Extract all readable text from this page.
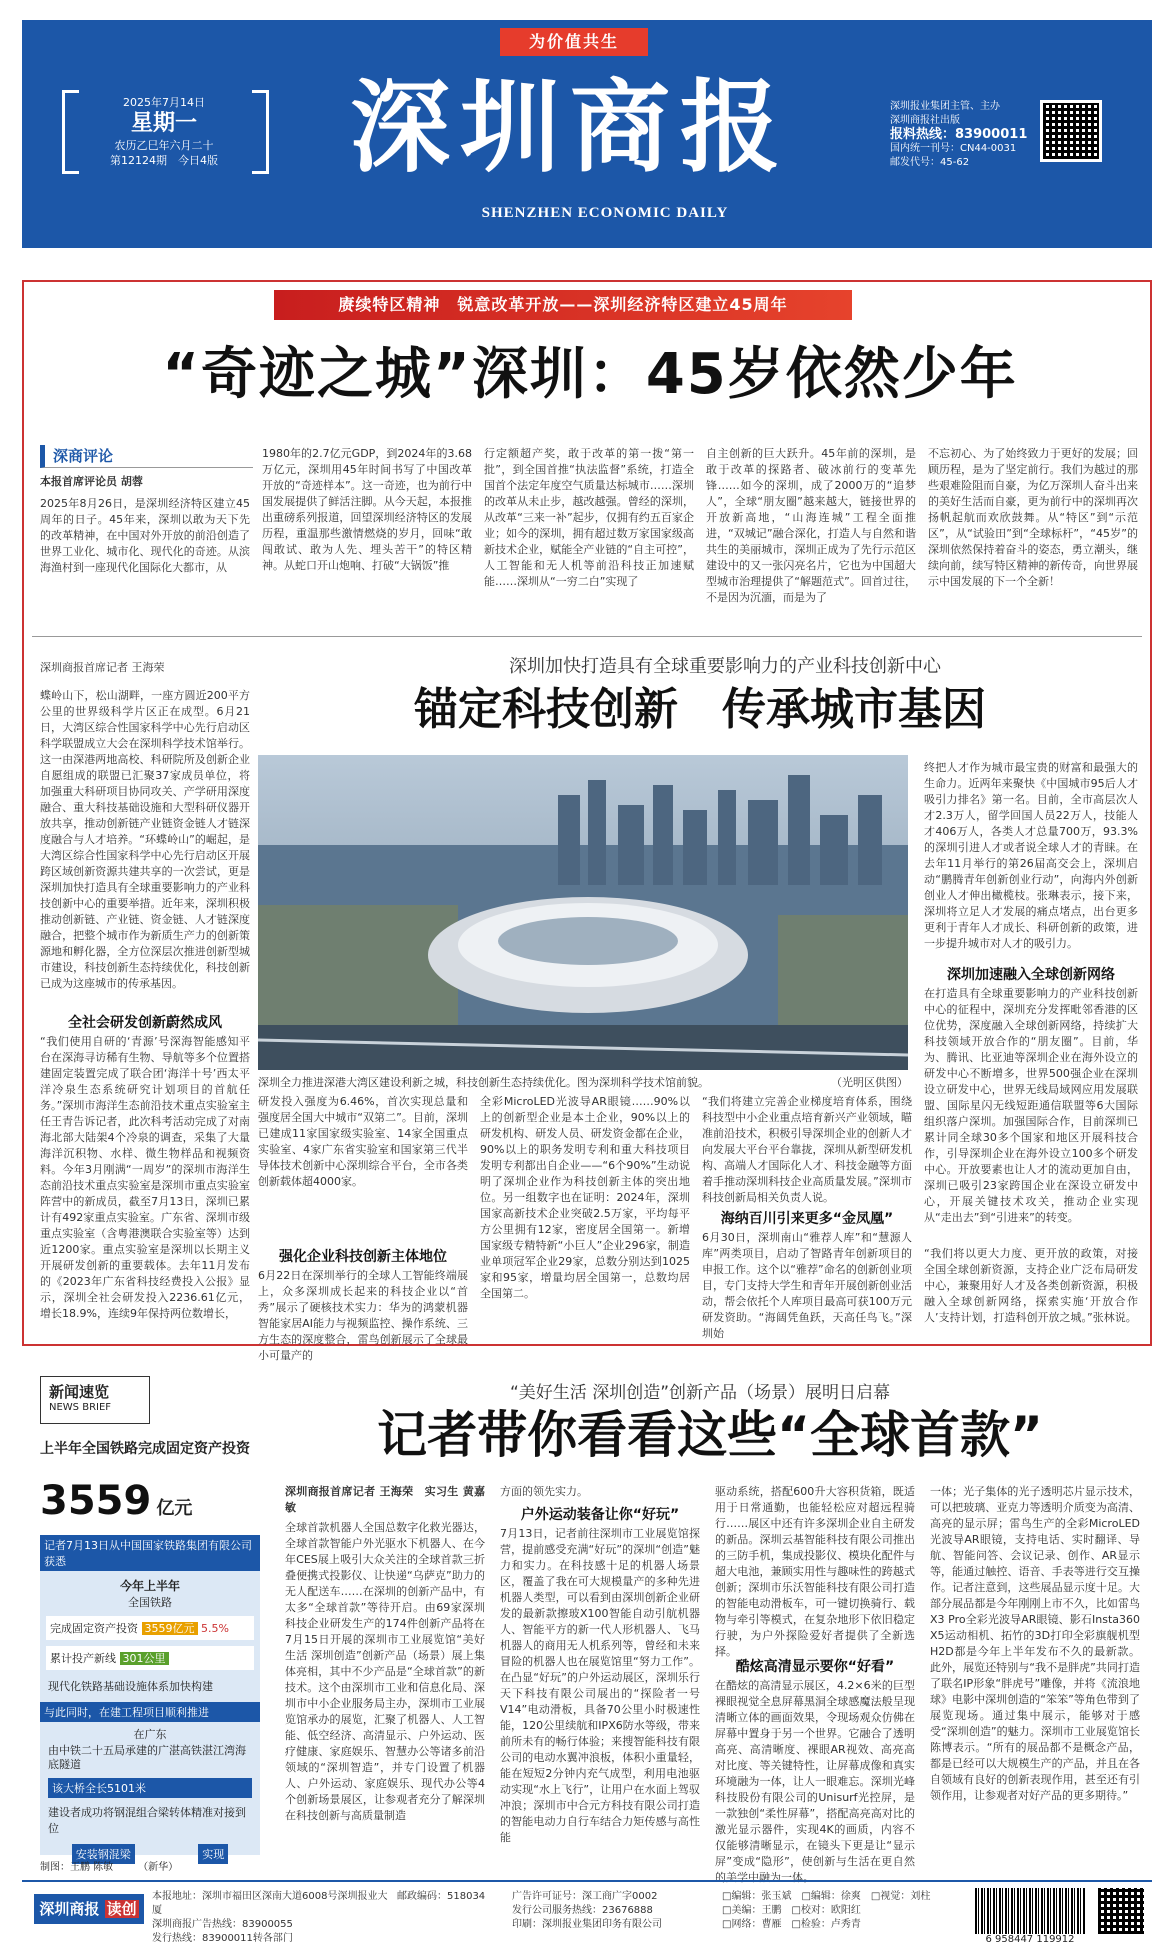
为价值共生
2025年7月14日
星期一
农历乙巳年六月二十
第12124期　今日4版	深圳商报
SHENZHEN ECONOMIC DAILY
深圳报业集团主管、主办
深圳商报社出版
报料热线：83900011
国内统一刊号：CN44-0031
邮发代号：45-62
赓续特区精神　锐意改革开放——深圳经济特区建立45周年
“奇迹之城”深圳：45岁依然少年
深商评论
本报首席评论员 胡蓉
2025年8月26日，是深圳经济特区建立45周年的日子。45年来，深圳以敢为天下先的改革精神，在中国对外开放的前沿创造了世界工业化、城市化、现代化的奇迹。从滨海渔村到一座现代化国际化大都市，从
1980年的2.7亿元GDP，到2024年的3.68万亿元，深圳用45年时间书写了中国改革开放的“奇迹样本”。这一奇迹，也为前行中国发展提供了鲜活注脚。从今天起，本报推出重磅系列报道，回望深圳经济特区的发展历程，重温那些激情燃烧的岁月，回味“敢闯敢试、敢为人先、埋头苦干”的特区精神。从蛇口开山炮响、打破“大锅饭”推
行定额超产奖，敢于改革的第一拨“第一批”，到全国首推“执法监督”系统，打造全国首个法定年度空气质量达标城市……深圳的改革从未止步，越改越强。曾经的深圳，从改革“三来一补”起步，仅拥有约五百家企业；如今的深圳，拥有超过数万家国家级高新技术企业，赋能全产业链的“自主可控”，人工智能和无人机等前沿科技正加速赋能……深圳从“一穷二白”实现了
自主创新的巨大跃升。45年前的深圳，是敢于改革的探路者、破冰前行的变革先锋……如今的深圳，成了2000万的“追梦人”，全球“朋友圈”越来越大，链接世界的开放新高地，“山海连城”工程全面推进，“双城记”融合深化，打造人与自然和谐共生的美丽城市，深圳正成为了先行示范区建设中的又一张闪亮名片，它也为中国超大型城市治理提供了“解题范式”。回首过往，不是因为沉湎，而是为了
不忘初心、为了始终致力于更好的发展；回顾历程，是为了坚定前行。我们为越过的那些艰难险阻而自豪，为亿万深圳人奋斗出来的美好生活而自豪，更为前行中的深圳再次扬帆起航而欢欣鼓舞。从“特区”到“示范区”，从“试验田”到“全球标杆”，“45岁”的深圳依然保持着奋斗的姿态，勇立潮头，继续向前，续写特区精神的新传奇，向世界展示中国发展的下一个全新！
深圳商报首席记者 王海荣	深圳加快打造具有全球重要影响力的产业科技创新中心
锚定科技创新　传承城市基因
蝶岭山下，松山湖畔，一座方圆近200平方公里的世界级科学片区正在成型。6月21日，大湾区综合性国家科学中心先行启动区科学联盟成立大会在深圳科学技术馆举行。这一由深港两地高校、科研院所及创新企业自愿组成的联盟已汇聚37家成员单位，将加强重大科研项目协同攻关、产学研用深度融合、重大科技基础设施和大型科研仪器开放共享，推动创新链产业链资金链人才链深度融合与人才培养。“环蝶岭山”的崛起，是大湾区综合性国家科学中心先行启动区开展跨区域创新资源共建共享的一次尝试，更是深圳加快打造具有全球重要影响力的产业科技创新中心的重要举措。近年来，深圳积极推动创新链、产业链、资金链、人才链深度融合，把整个城市作为新质生产力的创新策源地和孵化器，全方位深层次推进创新型城市建设，科技创新生态持续优化，科技创新已成为这座城市的传承基因。
全社会研发创新蔚然成风
“我们使用自研的‘青源’号深海智能感知平台在深海寻访稀有生物、导航等多个位置搭建固定装置完成了联合团‘海洋十号’西太平洋冷泉生态系统研究计划项目的首航任务。”深圳市海洋生态前沿技术重点实验室主任王青告诉记者，此次科考活动完成了对南海北部大陆架4个冷泉的调查，采集了大量海洋沉积物、水样、微生物样品和视频资料。今年3月刚满“一周岁”的深圳市海洋生态前沿技术重点实验室是深圳市重点实验室阵营中的新成员，截至7月13日，深圳已累计有492家重点实验室。广东省、深圳市级重点实验室（含粤港澳联合实验室等）达到近1200家。重点实验室是深圳以长期主义开展研发创新的重要载体。去年11月发布的《2023年广东省科技经费投入公报》显示，深圳全社会研发投入2236.61亿元，增长18.9%，连续9年保持两位数增长，
深圳全力推进深港大湾区建设利新之城，科技创新生态持续优化。图为深圳科学技术馆前貌。	（光明区供图）
研发投入强度为6.46%，首次实现总量和强度居全国大中城市“双第二”。目前，深圳已建成11家国家级实验室、14家全国重点实验室、4家广东省实验室和国家第三代半导体技术创新中心深圳综合平台，全市各类创新载体超4000家。
强化企业科技创新主体地位
6月22日在深圳举行的全球人工智能终端展上，众多深圳成长起来的科技企业以“首秀”展示了硬核技术实力：华为的鸿蒙机器智能家居AI能力与视频监控、操作系统、三方生态的深度整合，雷鸟创新展示了全球最小可量产的
全彩MicroLED光波导AR眼镜……90%以上的创新型企业是本土企业，90%以上的研发机构、研发人员、研发资金都在企业，90%以上的职务发明专利和重大科技项目发明专利都出自企业——“6个90%”生动说明了深圳企业作为科技创新主体的突出地位。另一组数字也在证明：2024年，深圳国家高新技术企业突破2.5万家，平均每平方公里拥有12家，密度居全国第一。新增国家级专精特新“小巨人”企业296家，制造业单项冠军企业29家，总数分别达到1025家和95家，增量均居全国第一，总数均居全国第二。
“我们将建立完善企业梯度培育体系，围绕科技型中小企业重点培育新兴产业领域，瞄准前沿技术，积极引导深圳企业的创新人才向发展大平台平台靠拢，深圳从新型研发机构、高端人才国际化人才、科技金融等方面着手推动深圳科技企业高质量发展。”深圳市科技创新局相关负责人说。
海纳百川引来更多“金凤凰”
6月30日，深圳南山“雅荐人库”和“慧源人库”两类项目，启动了智路青年创新项目的申报工作。这个以“雅荐”命名的创新创业项目，专门支持大学生和青年开展创新创业活动，帮会依托个人库项目最高可获100万元研发资助。“海阔凭鱼跃，天高任鸟飞。”深圳始
终把人才作为城市最宝贵的财富和最强大的生命力。近两年来聚快《中国城市95后人才吸引力排名》第一名。目前，全市高层次人才2.3万人，留学回国人员22万人，技能人才406万人，各类人才总量700万，93.3%的深圳引进人才或者说全球人才的青睐。在去年11月举行的第26届高交会上，深圳启动“鹏腾青年创新创业行动”，向海内外创新创业人才伸出橄榄枝。张琳表示，接下来，深圳将立足人才发展的痛点堵点，出台更多更利于青年人才成长、科研创新的政策，进一步提升城市对人才的吸引力。
深圳加速融入全球创新网络
在打造具有全球重要影响力的产业科技创新中心的征程中，深圳充分发挥毗邻香港的区位优势，深度融入全球创新网络，持续扩大科技领域开放合作的“朋友圈”。目前，华为、腾讯、比亚迪等深圳企业在海外设立的研发中心不断增多，世界500强企业在深圳设立研发中心，世界无线局域网应用发展联盟、国际星闪无线短距通信联盟等6大国际组织落户深圳。加强国际合作，目前深圳已累计同全球30多个国家和地区开展科技合作，引导深圳企业在海外设立100多个研发中心。开放要素也让人才的流动更加自由，深圳已吸引23家跨国企业在深设立研发中心，开展关键技术攻关，推动企业实现从“走出去”到“引进来”的转变。
“我们将以更大力度、更开放的政策，对接全国全球创新资源，支持企业广泛布局研发中心，兼聚用好人才及各类创新资源，积极融入全球创新网络，探索实施‘开放合作人’支持计划，打造科创开放之城。”张林说。
新闻速览
NEWS BRIEF
上半年全国铁路完成固定资产投资
3559 亿元
记者7月13日从中国国家铁路集团有限公司获悉
今年上半年
全国铁路
完成固定资产投资 3559亿元 5.5%
累计投产新线 301公里
现代化铁路基础设施体系加快构建
与此同时，在建工程项目顺利推进
在广东
由中铁二十五局承建的广湛高铁湛江湾海底隧道
该大桥全长5101米
建设者成功将钢混组合梁转体精准对接到位
安装钢混梁	实现
制图：王鹏 陈敏　　　（新华）
“美好生活 深圳创造”创新产品（场景）展明日启幕
记者带你看看这些“全球首款”
深圳商报首席记者 王海荣　实习生 黄嘉敏
全球首款机器人全国总数字化救光器达，全球首款智能户外光驱水下机器人、在今年CES展上吸引大众关注的全球首款三折叠便携式投影仪、让快递“乌萨克”助力的无人配送车……在深圳的创新产品中，有太多“全球首款”等待开启。由69家深圳科技企业研发生产的174件创新产品将在7月15日开展的深圳市工业展览馆“美好生活 深圳创造”创新产品（场景）展上集体亮相，其中不少产品是“全球首款”的新技术。这个由深圳市工业和信息化局、深圳市中小企业服务局主办，深圳市工业展览馆承办的展览，汇聚了机器人、人工智能、低空经济、高清显示、户外运动、医疗健康、家庭娱乐、智慧办公等诸多前沿领域的“深圳智造”，并专门设置了机器人、户外运动、家庭娱乐、现代办公等4个创新场景展区，让参观者充分了解深圳在科技创新与高质量制造
方面的领先实力。
户外运动装备让你“好玩”
7月13日，记者前往深圳市工业展览馆探营，提前感受充满“好玩”的深圳“创造”魅力和实力。在科技感十足的机器人场景区，覆盖了我在可大规模量产的多种先进机器人类型，可以看到由深圳创新企业研发的最新款擦玻X100智能自动引航机器人、智能平方的新一代人形机器人、飞马机器人的商用无人机系列等，曾经和未来冒险的机器人也在展览馆里“努力工作”。在凸显“好玩”的户外运动展区，深圳乐行天下科技有限公司展出的“探险者一号V14”电动滑板，具备70公里小时极速性能，120公里续航和IPX6防水等级，带来前所未有的畅行体验；来搜智能科技有限公司的电动水翼冲浪板，体积小重量轻，能在短短2分钟内充气成型，利用电池驱动实现“水上飞行”，让用户在水面上驾驭冲浪；深圳市中合元方科技有限公司打造的智能电动力自行车结合力矩传感与高性能
驱动系统，搭配600升大容积货箱，既适用于日常通勤，也能轻松应对超远程骑行……展区中还有许多深圳企业自主研发的新品。深圳云基智能科技有限公司推出的三防手机，集成投影仪、模块化配件与超大电池，兼顾实用性与趣味性的跨越式创新；深圳市乐沃智能科技有限公司打造的智能电动滑板车，可一键切换骑行、载物与牵引等模式，在复杂地形下依旧稳定行驶，为户外探险爱好者提供了全新选择。
酷炫高清显示要你“好看”
在酷炫的高清显示展区，4.2×6米的巨型裸眼视觉全息屏幕黑洞全球感魔法般呈现清晰立体的画面效果，令现场观众仿佛在屏幕中置身于另一个世界。它融合了透明高亮、高清晰度、裸眼AR视效、高亮高对比度、等关键特性，让屏幕成像和真实环境融为一体，让人一眼难忘。深圳光峰科技股份有限公司的Unisurf光控屏，是一款独创“柔性屏幕”，搭配高亮高对比的激光显示器件，实现4K的画质，内容不仅能够清晰显示，在镜头下更是让“显示屏”变成“隐形”，使创新与生活在更自然的美学中融为一体。
一体；光子集体的光子透明芯片显示技术，可以把玻璃、亚克力等透明介质变为高清、高亮的显示屏；雷鸟生产的全彩MicroLED光波导AR眼镜，支持电话、实时翻译、导航、智能问答、会议记录、创作、AR显示等，能通过触控、语音、手表等进行交互操作。记者注意到，这些展品显示度十足。大部分展品都是今年刚刚上市不久，比如雷鸟X3 Pro全彩光波导AR眼镜、影石Insta360 X5运动相机、拓竹的3D打印全彩旗舰机型H2D都是今年上半年发布不久的最新款。此外，展览还特别与“我不是胖虎”共同打造了联名IP形象“胖虎号”雕像，并将《流浪地球》电影中深圳创造的“笨笨”等角色带到了展览现场。通过集中展示，能够对于感受“深圳创造”的魅力。深圳市工业展览馆长陈博表示。“所有的展品都不是概念产品，都是已经可以大规模生产的产品，并且在各自领域有良好的创新表现作用，甚至还有引领作用，让参观者对好产品的更多期待。”
深圳商报 读创
本报地址：深圳市福田区深南大道6008号深圳报业大厦
深圳商报广告热线：83900055
发行热线：83900011转各部门
邮政编码：518034	广告许可证号：深工商广字0002
发行公司服务热线：23676888
印刷：深圳报业集团印务有限公司
□编辑：张玉斌　□编辑：徐爽　□视觉：刘柱
□美编：王鹏　□校对：欧阳红
□网络：曹雁　□检验：卢秀青
6 958447 119912
